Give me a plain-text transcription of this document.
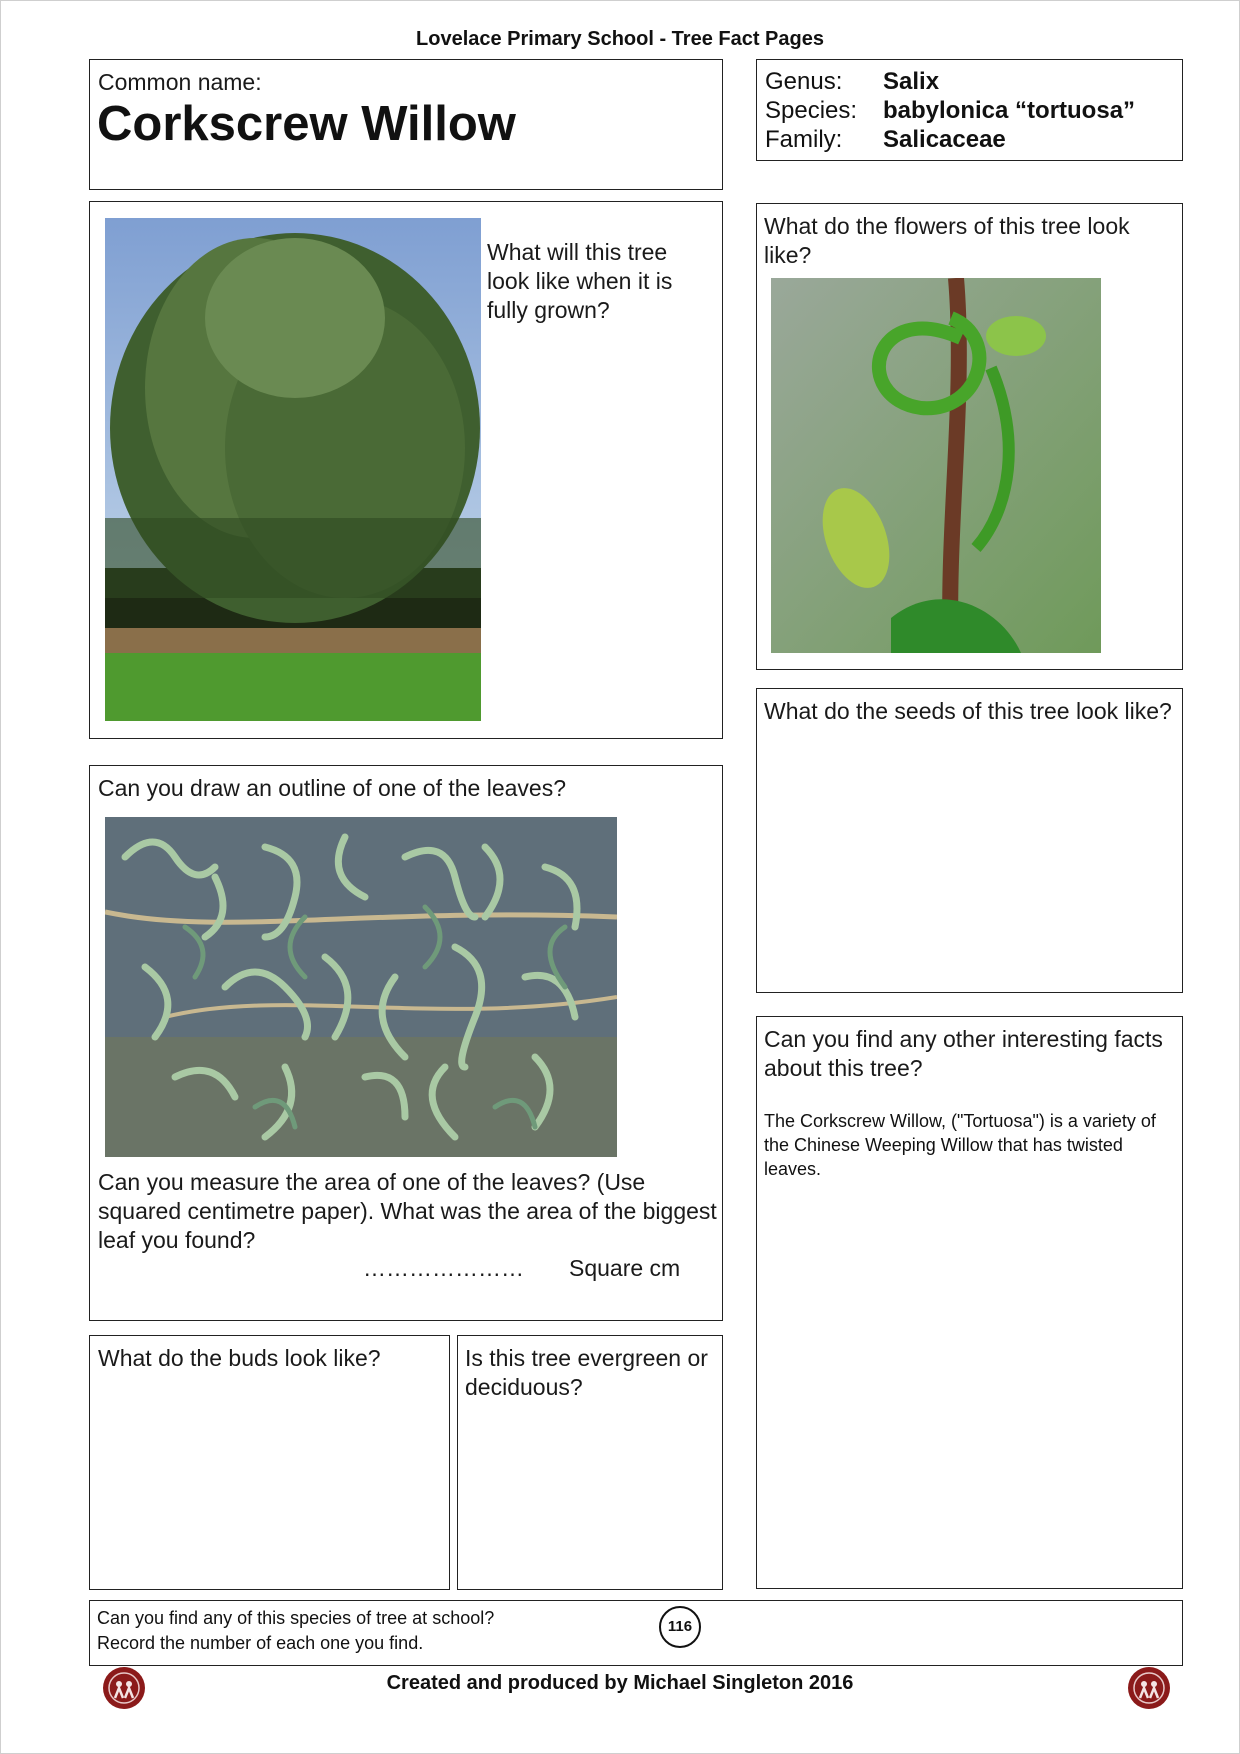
Lovelace Primary School - Tree Fact Pages
Common name:
Corkscrew Willow
Genus: Salix
Species: babylonica “tortuosa”
Family: Salicaceae
What will this tree look like when it is fully grown?
What do the flowers of this tree look like?
What do the seeds of this tree look like?
Can you draw an outline of one of the leaves?
Can you measure the area of one of the leaves? (Use squared centimetre paper). What was the area of the biggest leaf you found?
………………… Square cm
Can you find any other interesting facts about this tree?
The Corkscrew Willow, ("Tortuosa") is a variety of the Chinese Weeping Willow that has twisted leaves.
What do the buds look like?	Is this tree evergreen or deciduous?
Can you find any of this species of tree at school?
Record the number of each one you find.
116
Created and produced by Michael Singleton 2016
